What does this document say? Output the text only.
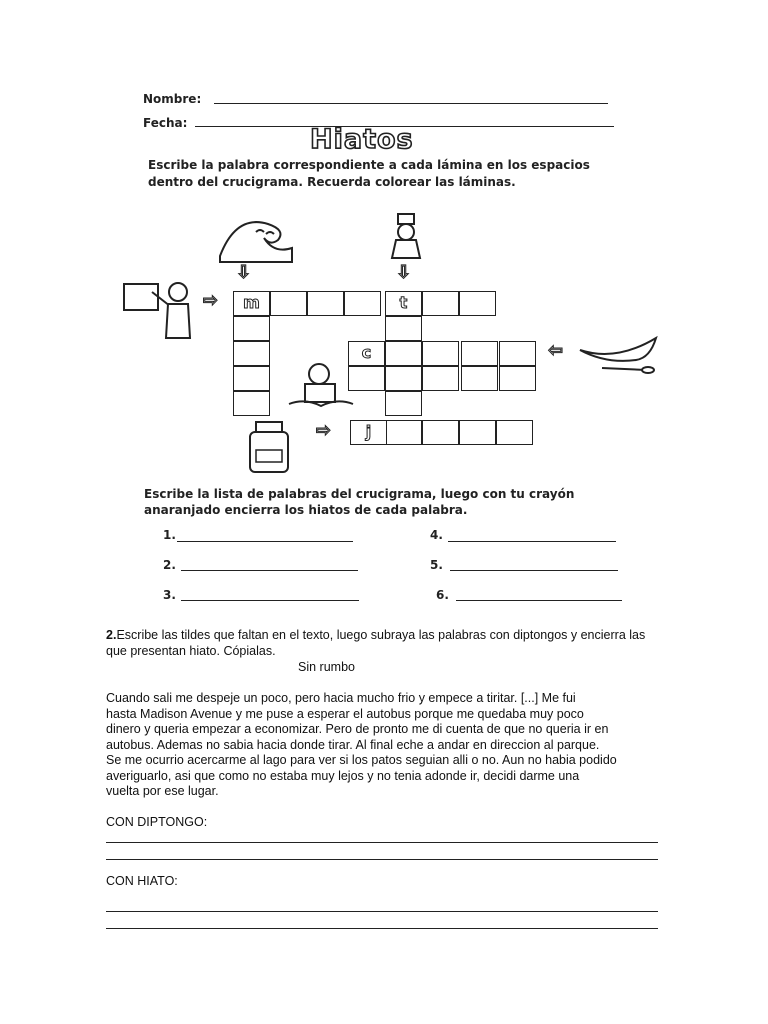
Nombre:
Fecha:
Hiatos
Escribe la palabra correspondiente a cada lámina en los espacios
dentro del crucigrama. Recuerda colorear las láminas.
⇩	⇩
⇨
⇨
⇦
m	t
c
j
Escribe la lista de palabras del crucigrama, luego con tu crayón
anaranjado encierra los hiatos de cada palabra.
1.
2.
3.
4.
5.
6.
2.Escribe las tildes que faltan en el texto, luego subraya las palabras con diptongos y encierra las
que presentan hiato. Cópialas.
Sin rumbo
Cuando sali me despeje un poco, pero hacia mucho frio y empece a tiritar. [...] Me fui
hasta Madison Avenue y me puse a esperar el autobus porque me quedaba muy poco
dinero y queria empezar a economizar. Pero de pronto me di cuenta de que no queria ir en
autobus. Ademas no sabia hacia donde tirar. Al final eche a andar en direccion al parque.
Se me ocurrio acercarme al lago para ver si los patos seguian alli o no. Aun no habia podido
averiguarlo, asi que como no estaba muy lejos y no tenia adonde ir, decidi darme una
vuelta por ese lugar.
CON DIPTONGO:
CON HIATO:
